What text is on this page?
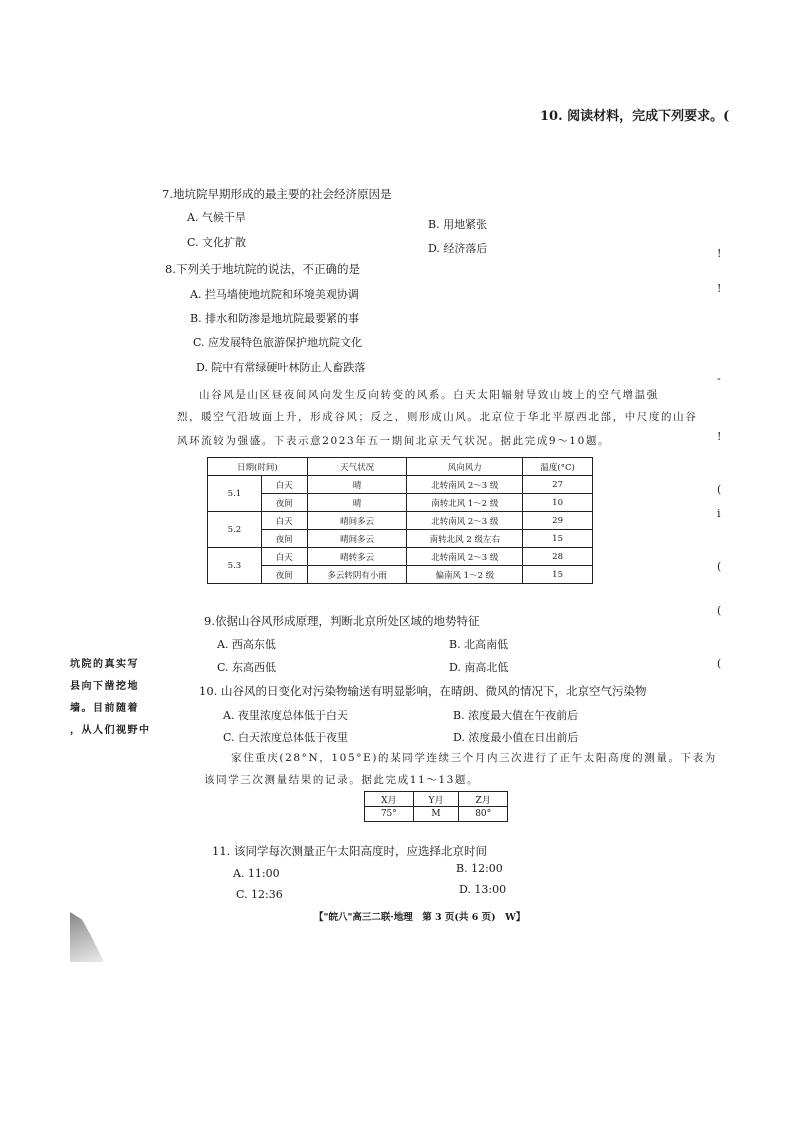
10. 阅读材料，完成下列要求。(
!
!
-
!
(
i
(
(
(
7.地坑院早期形成的最主要的社会经济原因是
A. 气候干旱
B. 用地紧张
C. 文化扩散	D. 经济落后
8.下列关于地坑院的说法，不正确的是
A. 拦马墙使地坑院和环境美观协调
B. 排水和防渗是地坑院最要紧的事
C. 应发展特色旅游保护地坑院文化
D. 院中有常绿硬叶林防止人畜跌落
山谷风是山区昼夜间风向发生反向转变的风系。白天太阳辐射导致山坡上的空气增温强
烈，暖空气沿坡面上升，形成谷风；反之，则形成山风。北京位于华北平原西北部，中尺度的山谷
风环流较为强盛。下表示意2023年五一期间北京天气状况。据此完成9～10题。
日期(时间)		天气状况	风向风力	温度(°C)
5.1	白天	晴	北转南风 2～3 级	27
	夜间	晴	南转北风 1～2 级	10
5.2	白天	晴间多云	北转南风 2～3 级	29
	夜间	晴间多云	南转北风 2 级左右	15
5.3	白天	晴转多云	北转南风 2～3 级	28
	夜间	多云转阴有小雨	偏南风 1～2 级	15
9.依据山谷风形成原理，判断北京所处区域的地势特征
A. 西高东低	B. 北高南低
C. 东高西低	D. 南高北低
坑院的真实写
县向下凿挖地
墙。目前随着
，从人们视野中
10. 山谷风的日变化对污染物输送有明显影响，在晴朗、微风的情况下，北京空气污染物
A. 夜里浓度总体低于白天	B. 浓度最大值在午夜前后
C. 白天浓度总体低于夜里	D. 浓度最小值在日出前后
家住重庆(28°N，105°E)的某同学连续三个月内三次进行了正午太阳高度的测量。下表为
该同学三次测量结果的记录。据此完成11～13题。
X月	Y月	Z月
75°	M	80°
11. 该同学每次测量正午太阳高度时，应选择北京时间
A. 11:00	B. 12:00
C. 12:36	D. 13:00
【"皖八"高三二联·地理　第 3 页(共 6 页)　W】
